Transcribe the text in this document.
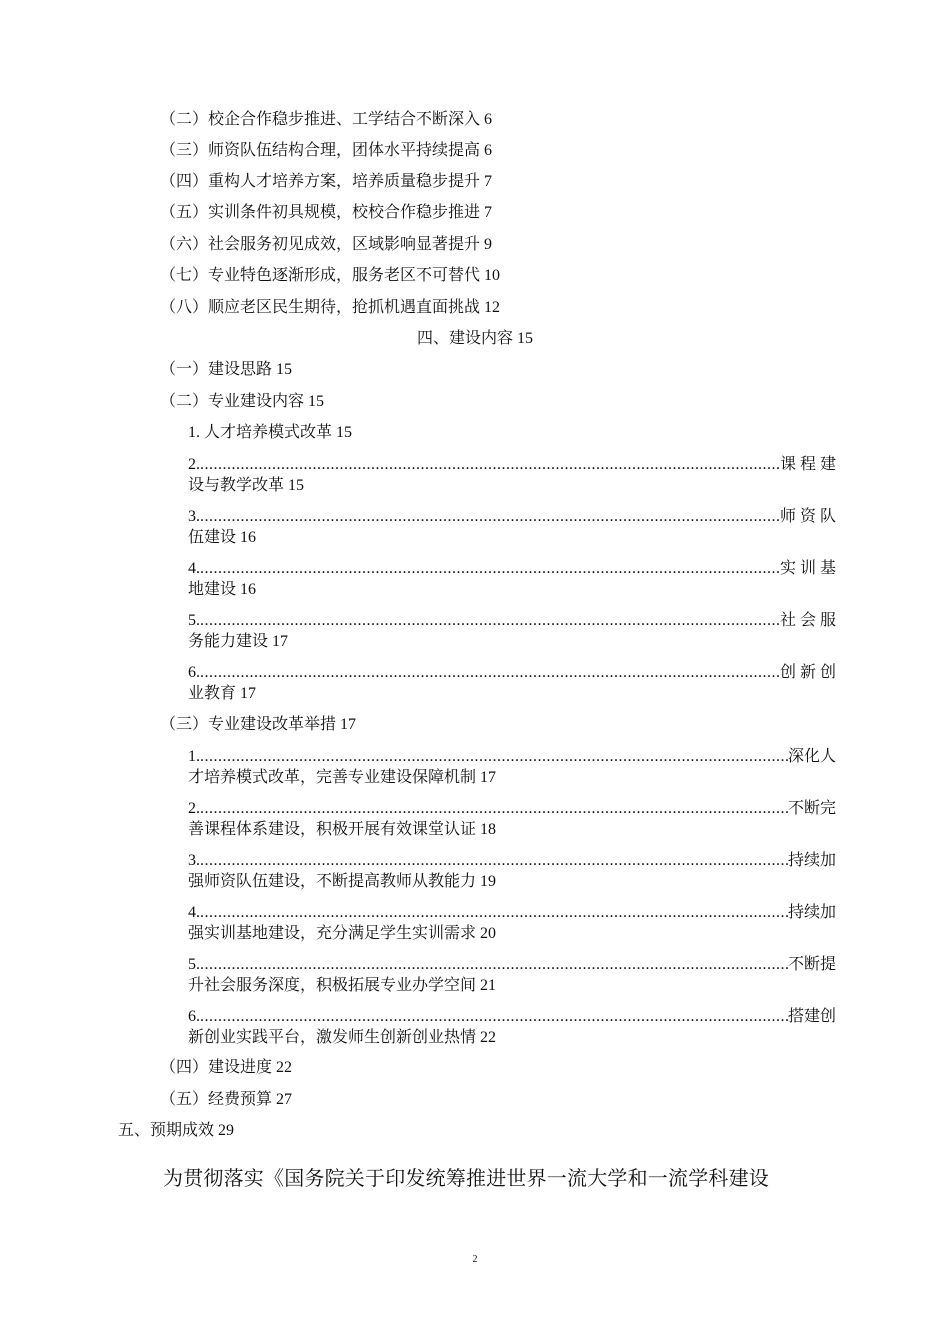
（二）校企合作稳步推进、工学结合不断深入 6
（三）师资队伍结构合理，团体水平持续提高 6
（四）重构人才培养方案，培养质量稳步提升 7
（五）实训条件初具规模，校校合作稳步推进 7
（六）社会服务初见成效，区域影响显著提升 9
（七）专业特色逐渐形成，服务老区不可替代 10
（八）顺应老区民生期待，抢抓机遇直面挑战 12
四、建设内容 15
（一）建设思路 15
（二）专业建设内容 15
1. 人才培养模式改革 15
2. .....	课 程 建
设与教学改革 15
3. .....	师 资 队
伍建设 16
4. .....	实 训 基
地建设 16
5. .....	社 会 服
务能力建设 17
6. .....	创 新 创
业教育 17
（三）专业建设改革举措 17
1. .....	深化人
才培养模式改革，完善专业建设保障机制 17
2. .....	不断完
善课程体系建设，积极开展有效课堂认证 18
3. .....	持续加
强师资队伍建设，不断提高教师从教能力 19
4. .....	持续加
强实训基地建设，充分满足学生实训需求 20
5. .....	不断提
升社会服务深度，积极拓展专业办学空间 21
6. .....	搭建创
新创业实践平台，激发师生创新创业热情 22
（四）建设进度 22
（五）经费预算 27
五、预期成效 29
为贯彻落实《国务院关于印发统筹推进世界一流大学和一流学科建设
2
